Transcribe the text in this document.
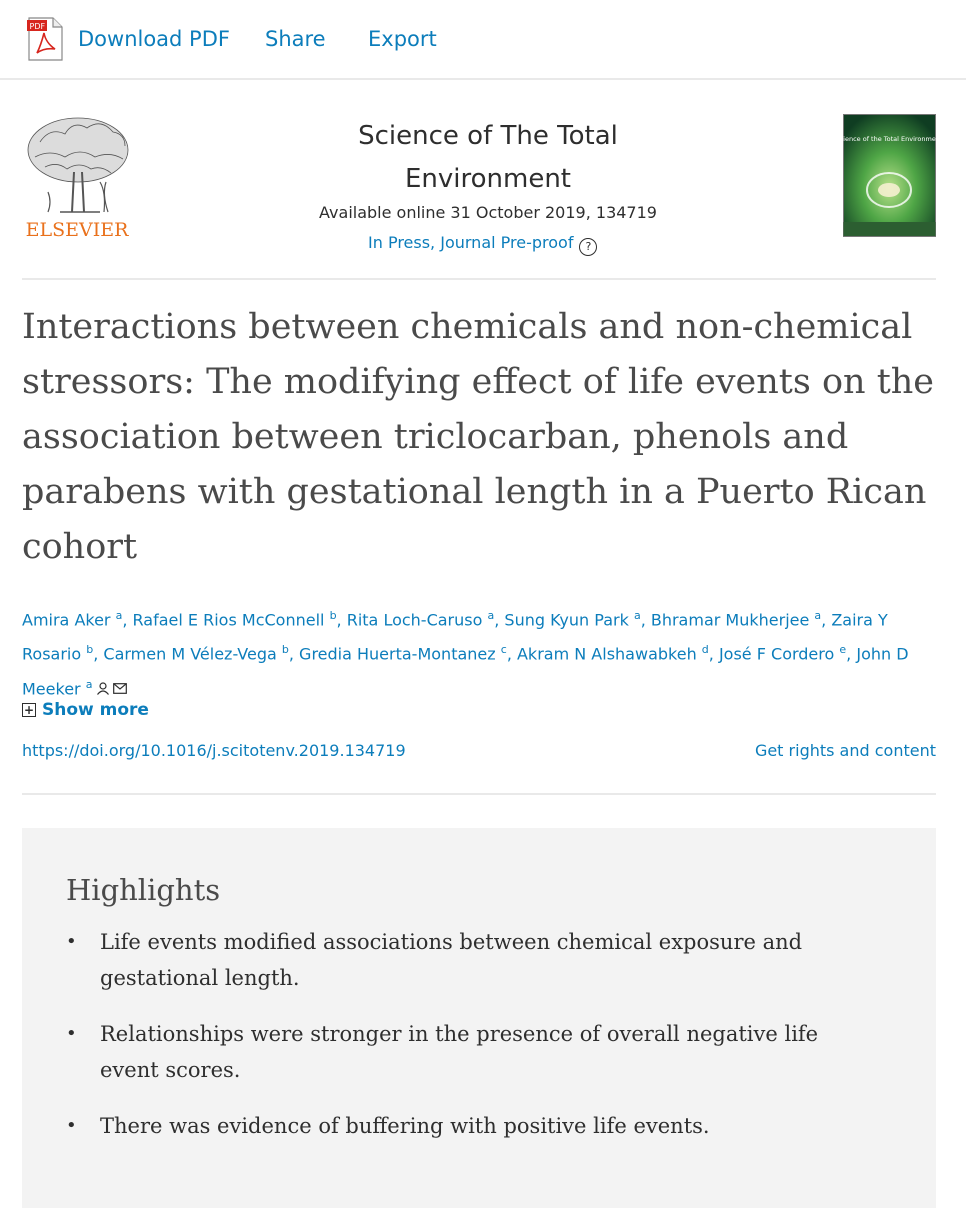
PDF
Download PDF Share Export
ELSEVIER
Science of The Total Environment
Available online 31 October 2019, 134719
In Press, Journal Pre-proof ?
Science of the Total Environment
Interactions between chemicals and non-chemical stressors: The modifying effect of life events on the association between triclocarban, phenols and parabens with gestational length in a Puerto Rican cohort
Amira Aker $^a$, Rafael E Rios McConnell $^b$, Rita Loch-Caruso $^a$, Sung Kyun Park $^a$, Bhramar Mukherjee $^a$, Zaira Y Rosario $^b$, Carmen M Vélez-Vega $^b$, Gredia Huerta-Montanez $^c$, Akram N Alshawabkeh $^d$, José F Cordero $^e$, John D Meeker $^a$
+ Show more
https://doi.org/10.1016/j.scitotenv.2019.134719	Get rights and content
Highlights
• Life events modified associations between chemical exposure and gestational length.
• Relationships were stronger in the presence of overall negative life event scores.
• There was evidence of buffering with positive life events.
